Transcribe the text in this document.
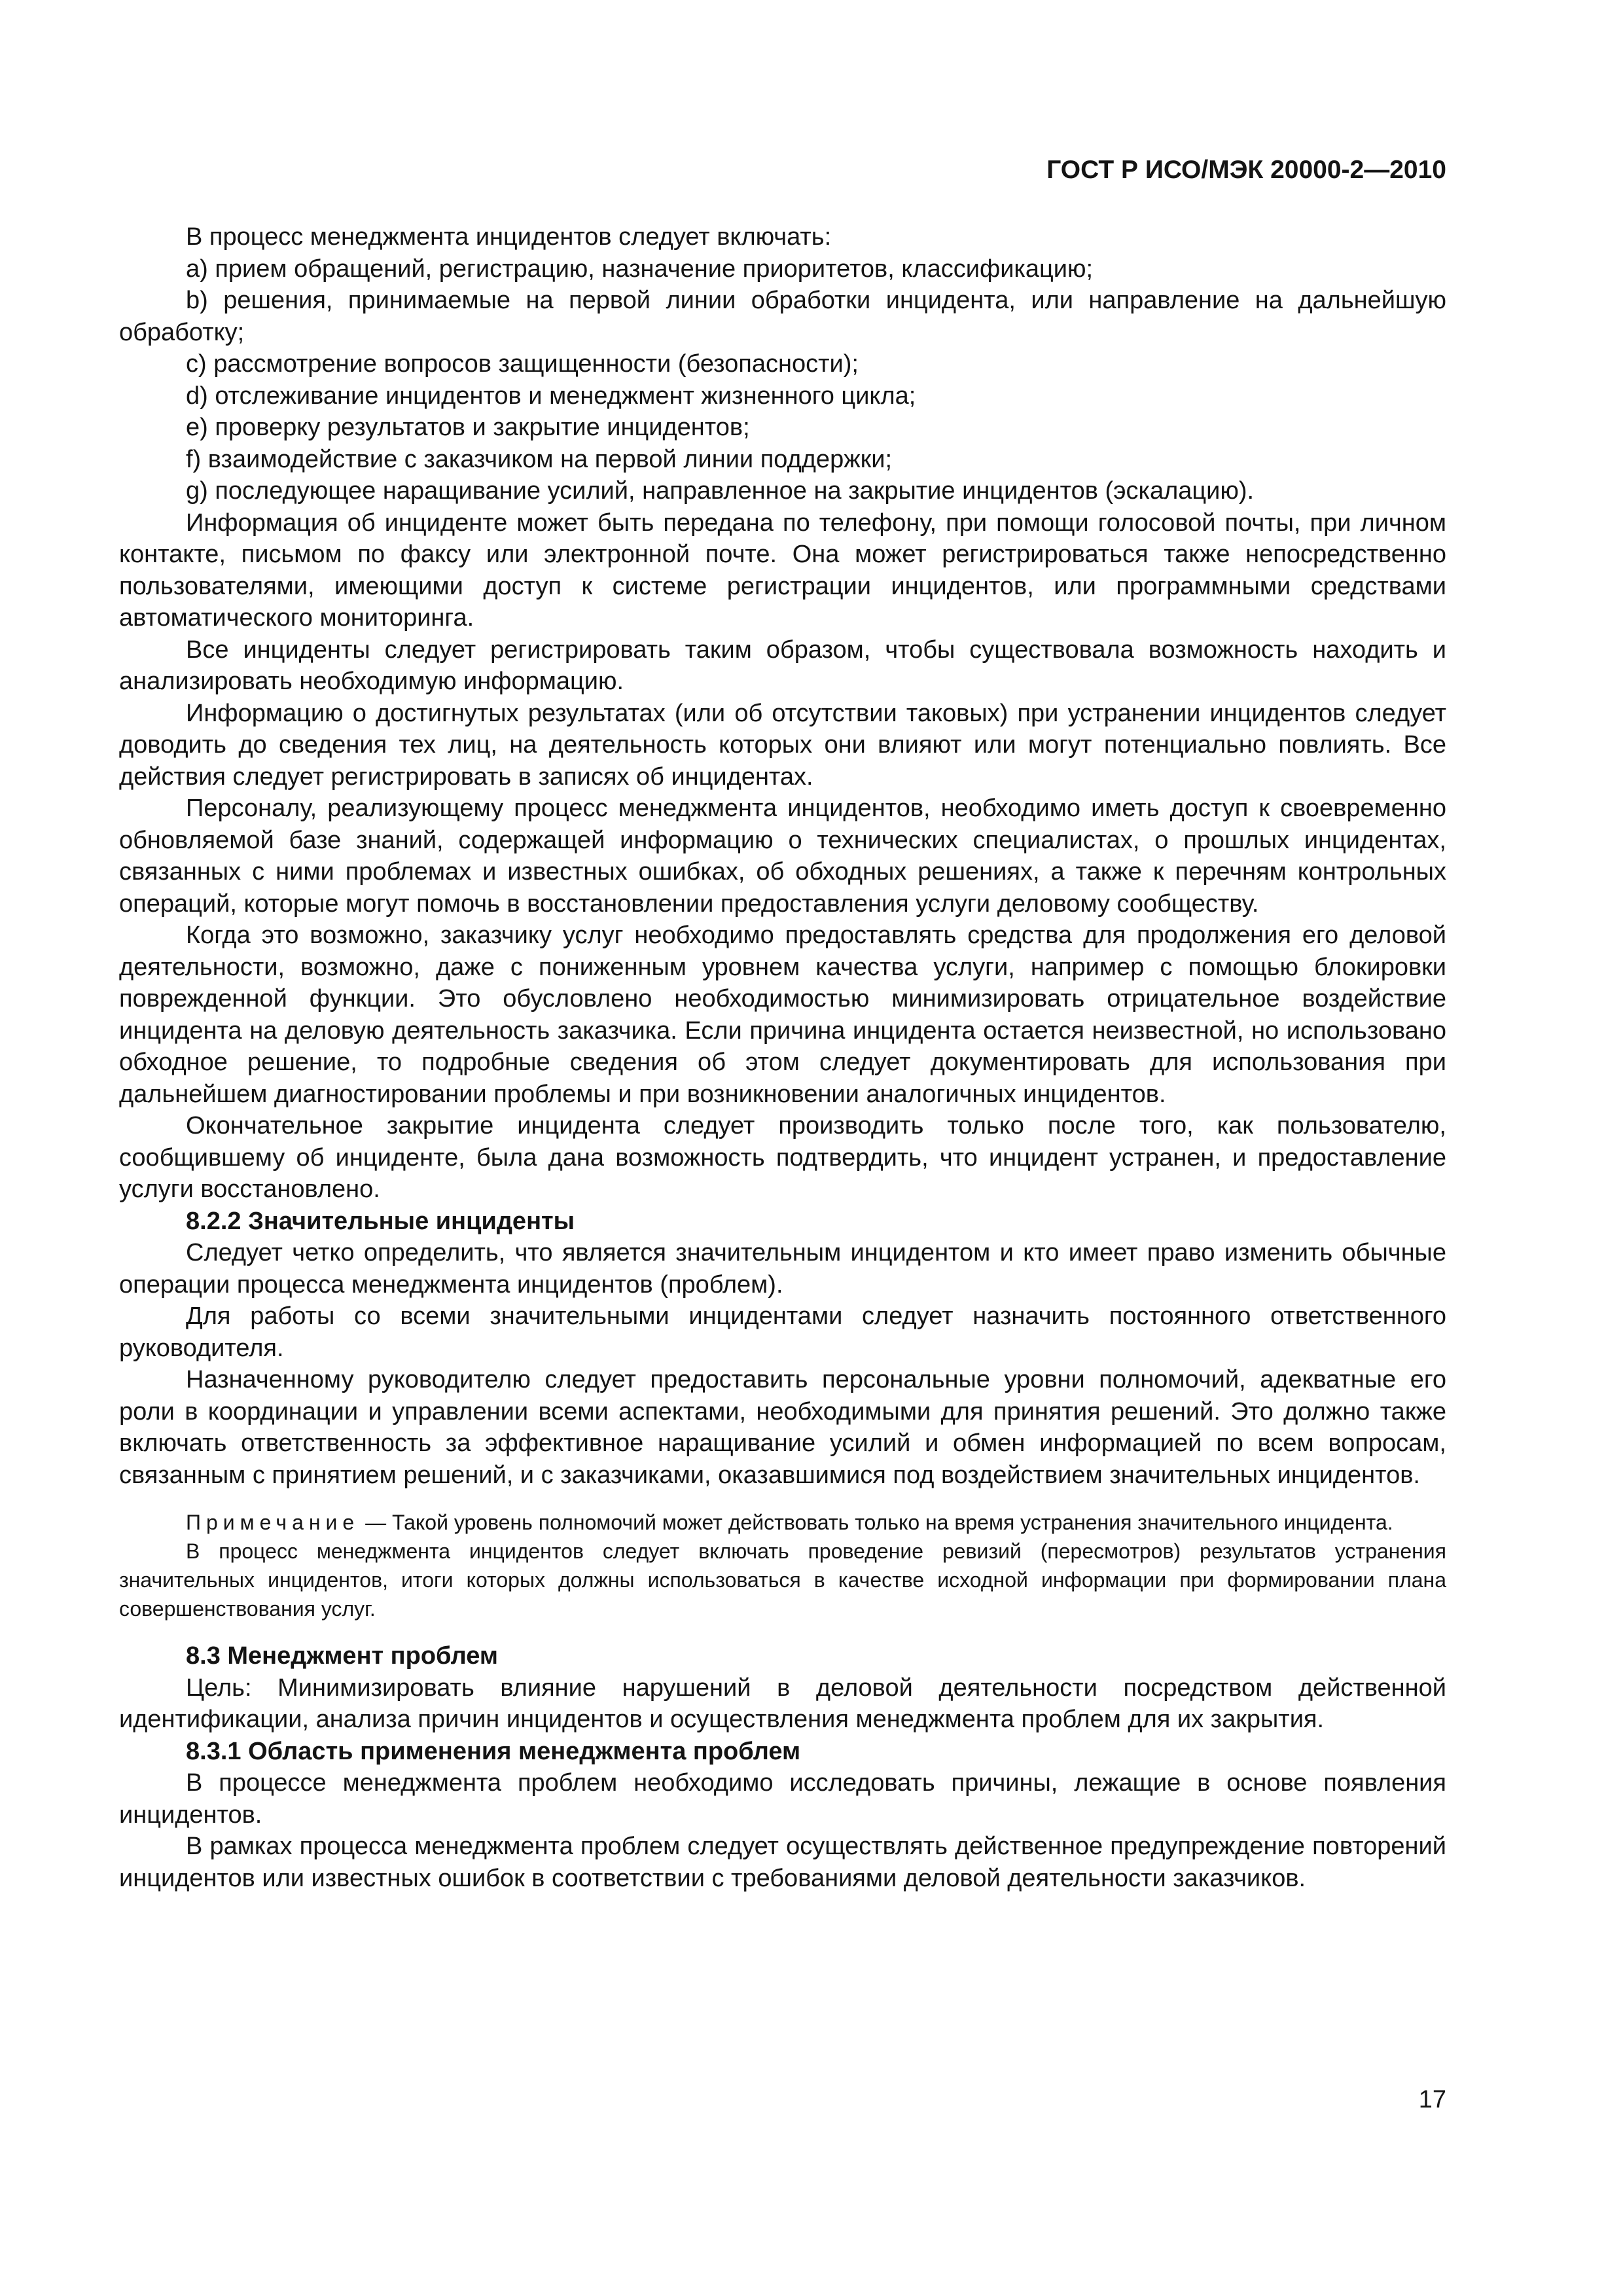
ГОСТ Р ИСО/МЭК 20000-2—2010

В процесс менеджмента инцидентов следует включать:

a) прием обращений, регистрацию, назначение приоритетов, классификацию;

b) решения, принимаемые на первой линии обработки инцидента, или направление на дальнейшую обработку;

c) рассмотрение вопросов защищенности (безопасности);

d) отслеживание инцидентов и менеджмент жизненного цикла;

e) проверку результатов и закрытие инцидентов;

f) взаимодействие с заказчиком на первой линии поддержки;

g) последующее наращивание усилий, направленное на закрытие инцидентов (эскалацию).

Информация об инциденте может быть передана по телефону, при помощи голосовой почты, при личном контакте, письмом по факсу или электронной почте. Она может регистрироваться также непосредственно пользователями, имеющими доступ к системе регистрации инцидентов, или программными средствами автоматического мониторинга.

Все инциденты следует регистрировать таким образом, чтобы существовала возможность находить и анализировать необходимую информацию.

Информацию о достигнутых результатах (или об отсутствии таковых) при устранении инцидентов следует доводить до сведения тех лиц, на деятельность которых они влияют или могут потенциально повлиять. Все действия следует регистрировать в записях об инцидентах.

Персоналу, реализующему процесс менеджмента инцидентов, необходимо иметь доступ к своевременно обновляемой базе знаний, содержащей информацию о технических специалистах, о прошлых инцидентах, связанных с ними проблемах и известных ошибках, об обходных решениях, а также к перечням контрольных операций, которые могут помочь в восстановлении предоставления услуги деловому сообществу.

Когда это возможно, заказчику услуг необходимо предоставлять средства для продолжения его деловой деятельности, возможно, даже с пониженным уровнем качества услуги, например с помощью блокировки поврежденной функции. Это обусловлено необходимостью минимизировать отрицательное воздействие инцидента на деловую деятельность заказчика. Если причина инцидента остается неизвестной, но использовано обходное решение, то подробные сведения об этом следует документировать для использования при дальнейшем диагностировании проблемы и при возникновении аналогичных инцидентов.

Окончательное закрытие инцидента следует производить только после того, как пользователю, сообщившему об инциденте, была дана возможность подтвердить, что инцидент устранен, и предоставление услуги восстановлено.

8.2.2 Значительные инциденты

Следует четко определить, что является значительным инцидентом и кто имеет право изменить обычные операции процесса менеджмента инцидентов (проблем).

Для работы со всеми значительными инцидентами следует назначить постоянного ответственного руководителя.

Назначенному руководителю следует предоставить персональные уровни полномочий, адекватные его роли в координации и управлении всеми аспектами, необходимыми для принятия решений. Это должно также включать ответственность за эффективное наращивание усилий и обмен информацией по всем вопросам, связанным с принятием решений, и с заказчиками, оказавшимися под воздействием значительных инцидентов.

Примечание — Такой уровень полномочий может действовать только на время устранения значительного инцидента.

В процесс менеджмента инцидентов следует включать проведение ревизий (пересмотров) результатов устранения значительных инцидентов, итоги которых должны использоваться в качестве исходной информации при формировании плана совершенствования услуг.

8.3 Менеджмент проблем

Цель: Минимизировать влияние нарушений в деловой деятельности посредством действенной идентификации, анализа причин инцидентов и осуществления менеджмента проблем для их закрытия.

8.3.1 Область применения менеджмента проблем

В процессе менеджмента проблем необходимо исследовать причины, лежащие в основе появления инцидентов.

В рамках процесса менеджмента проблем следует осуществлять действенное предупреждение повторений инцидентов или известных ошибок в соответствии с требованиями деловой деятельности заказчиков.

17
